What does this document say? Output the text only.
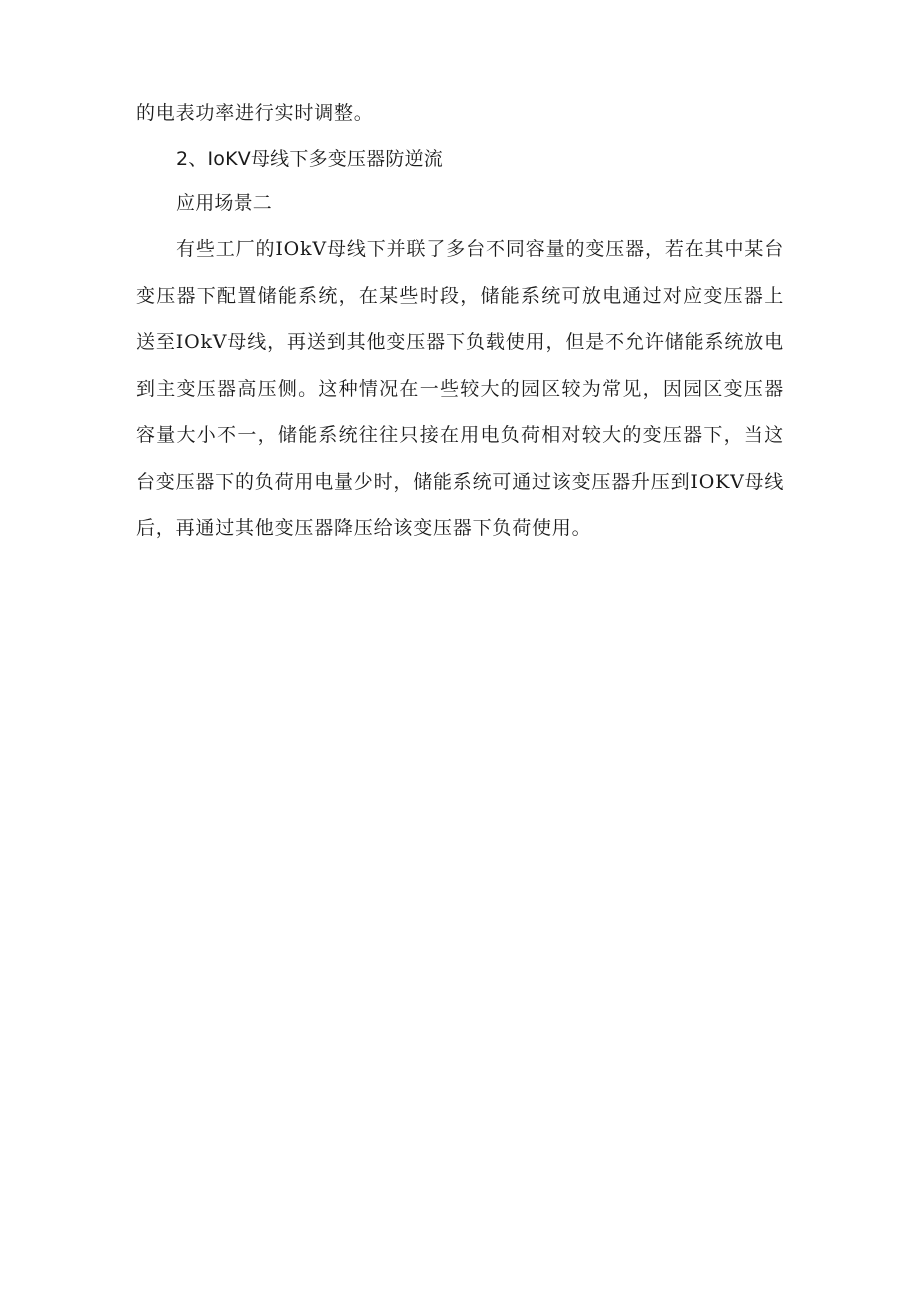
的电表功率进行实时调整。
2、IoKV母线下多变压器防逆流
应用场景二
有些工厂的IOkV母线下并联了多台不同容量的变压器，若在其中某台
变压器下配置储能系统，在某些时段，储能系统可放电通过对应变压器上
送至IOkV母线，再送到其他变压器下负载使用，但是不允许储能系统放电
到主变压器高压侧。这种情况在一些较大的园区较为常见，因园区变压器
容量大小不一，储能系统往往只接在用电负荷相对较大的变压器下，当这
台变压器下的负荷用电量少时，储能系统可通过该变压器升压到IOKV母线
后，再通过其他变压器降压给该变压器下负荷使用。
